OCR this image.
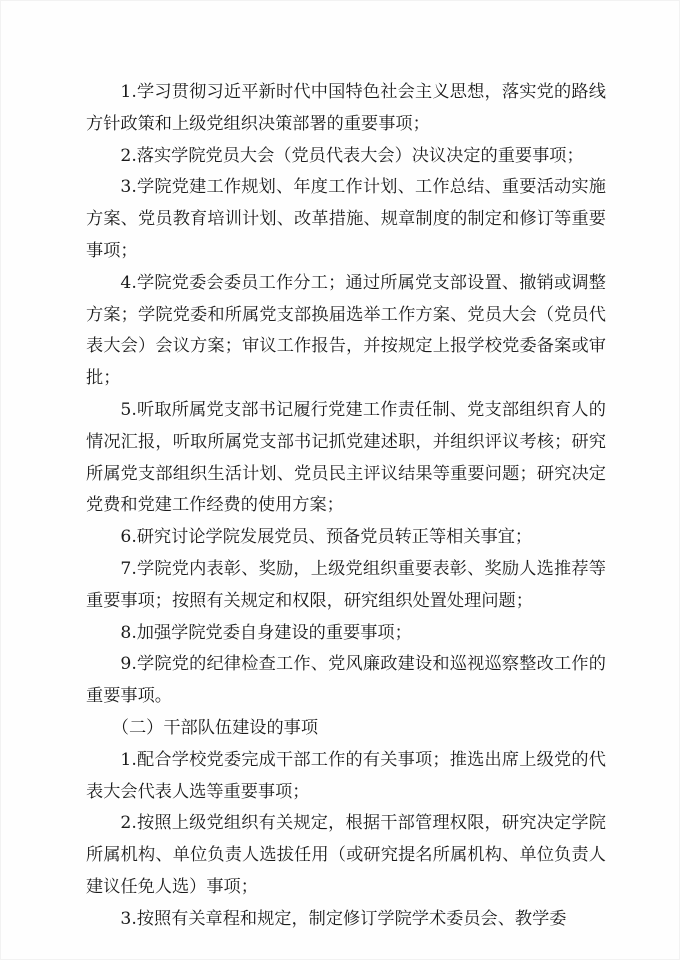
1.学习贯彻习近平新时代中国特色社会主义思想，落实党的路线方针政策和上级党组织决策部署的重要事项；

2.落实学院党员大会（党员代表大会）决议决定的重要事项；

3.学院党建工作规划、年度工作计划、工作总结、重要活动实施方案、党员教育培训计划、改革措施、规章制度的制定和修订等重要事项；

4.学院党委会委员工作分工；通过所属党支部设置、撤销或调整方案；学院党委和所属党支部换届选举工作方案、党员大会（党员代表大会）会议方案；审议工作报告，并按规定上报学校党委备案或审批；

5.听取所属党支部书记履行党建工作责任制、党支部组织育人的情况汇报，听取所属党支部书记抓党建述职，并组织评议考核；研究所属党支部组织生活计划、党员民主评议结果等重要问题；研究决定党费和党建工作经费的使用方案；

6.研究讨论学院发展党员、预备党员转正等相关事宜；

7.学院党内表彰、奖励，上级党组织重要表彰、奖励人选推荐等重要事项；按照有关规定和权限，研究组织处置处理问题；

8.加强学院党委自身建设的重要事项；

9.学院党的纪律检查工作、党风廉政建设和巡视巡察整改工作的重要事项。

（二）干部队伍建设的事项

1.配合学校党委完成干部工作的有关事项；推选出席上级党的代表大会代表人选等重要事项；

2.按照上级党组织有关规定，根据干部管理权限，研究决定学院所属机构、单位负责人选拔任用（或研究提名所属机构、单位负责人建议任免人选）事项；

3.按照有关章程和规定，制定修订学院学术委员会、教学委
